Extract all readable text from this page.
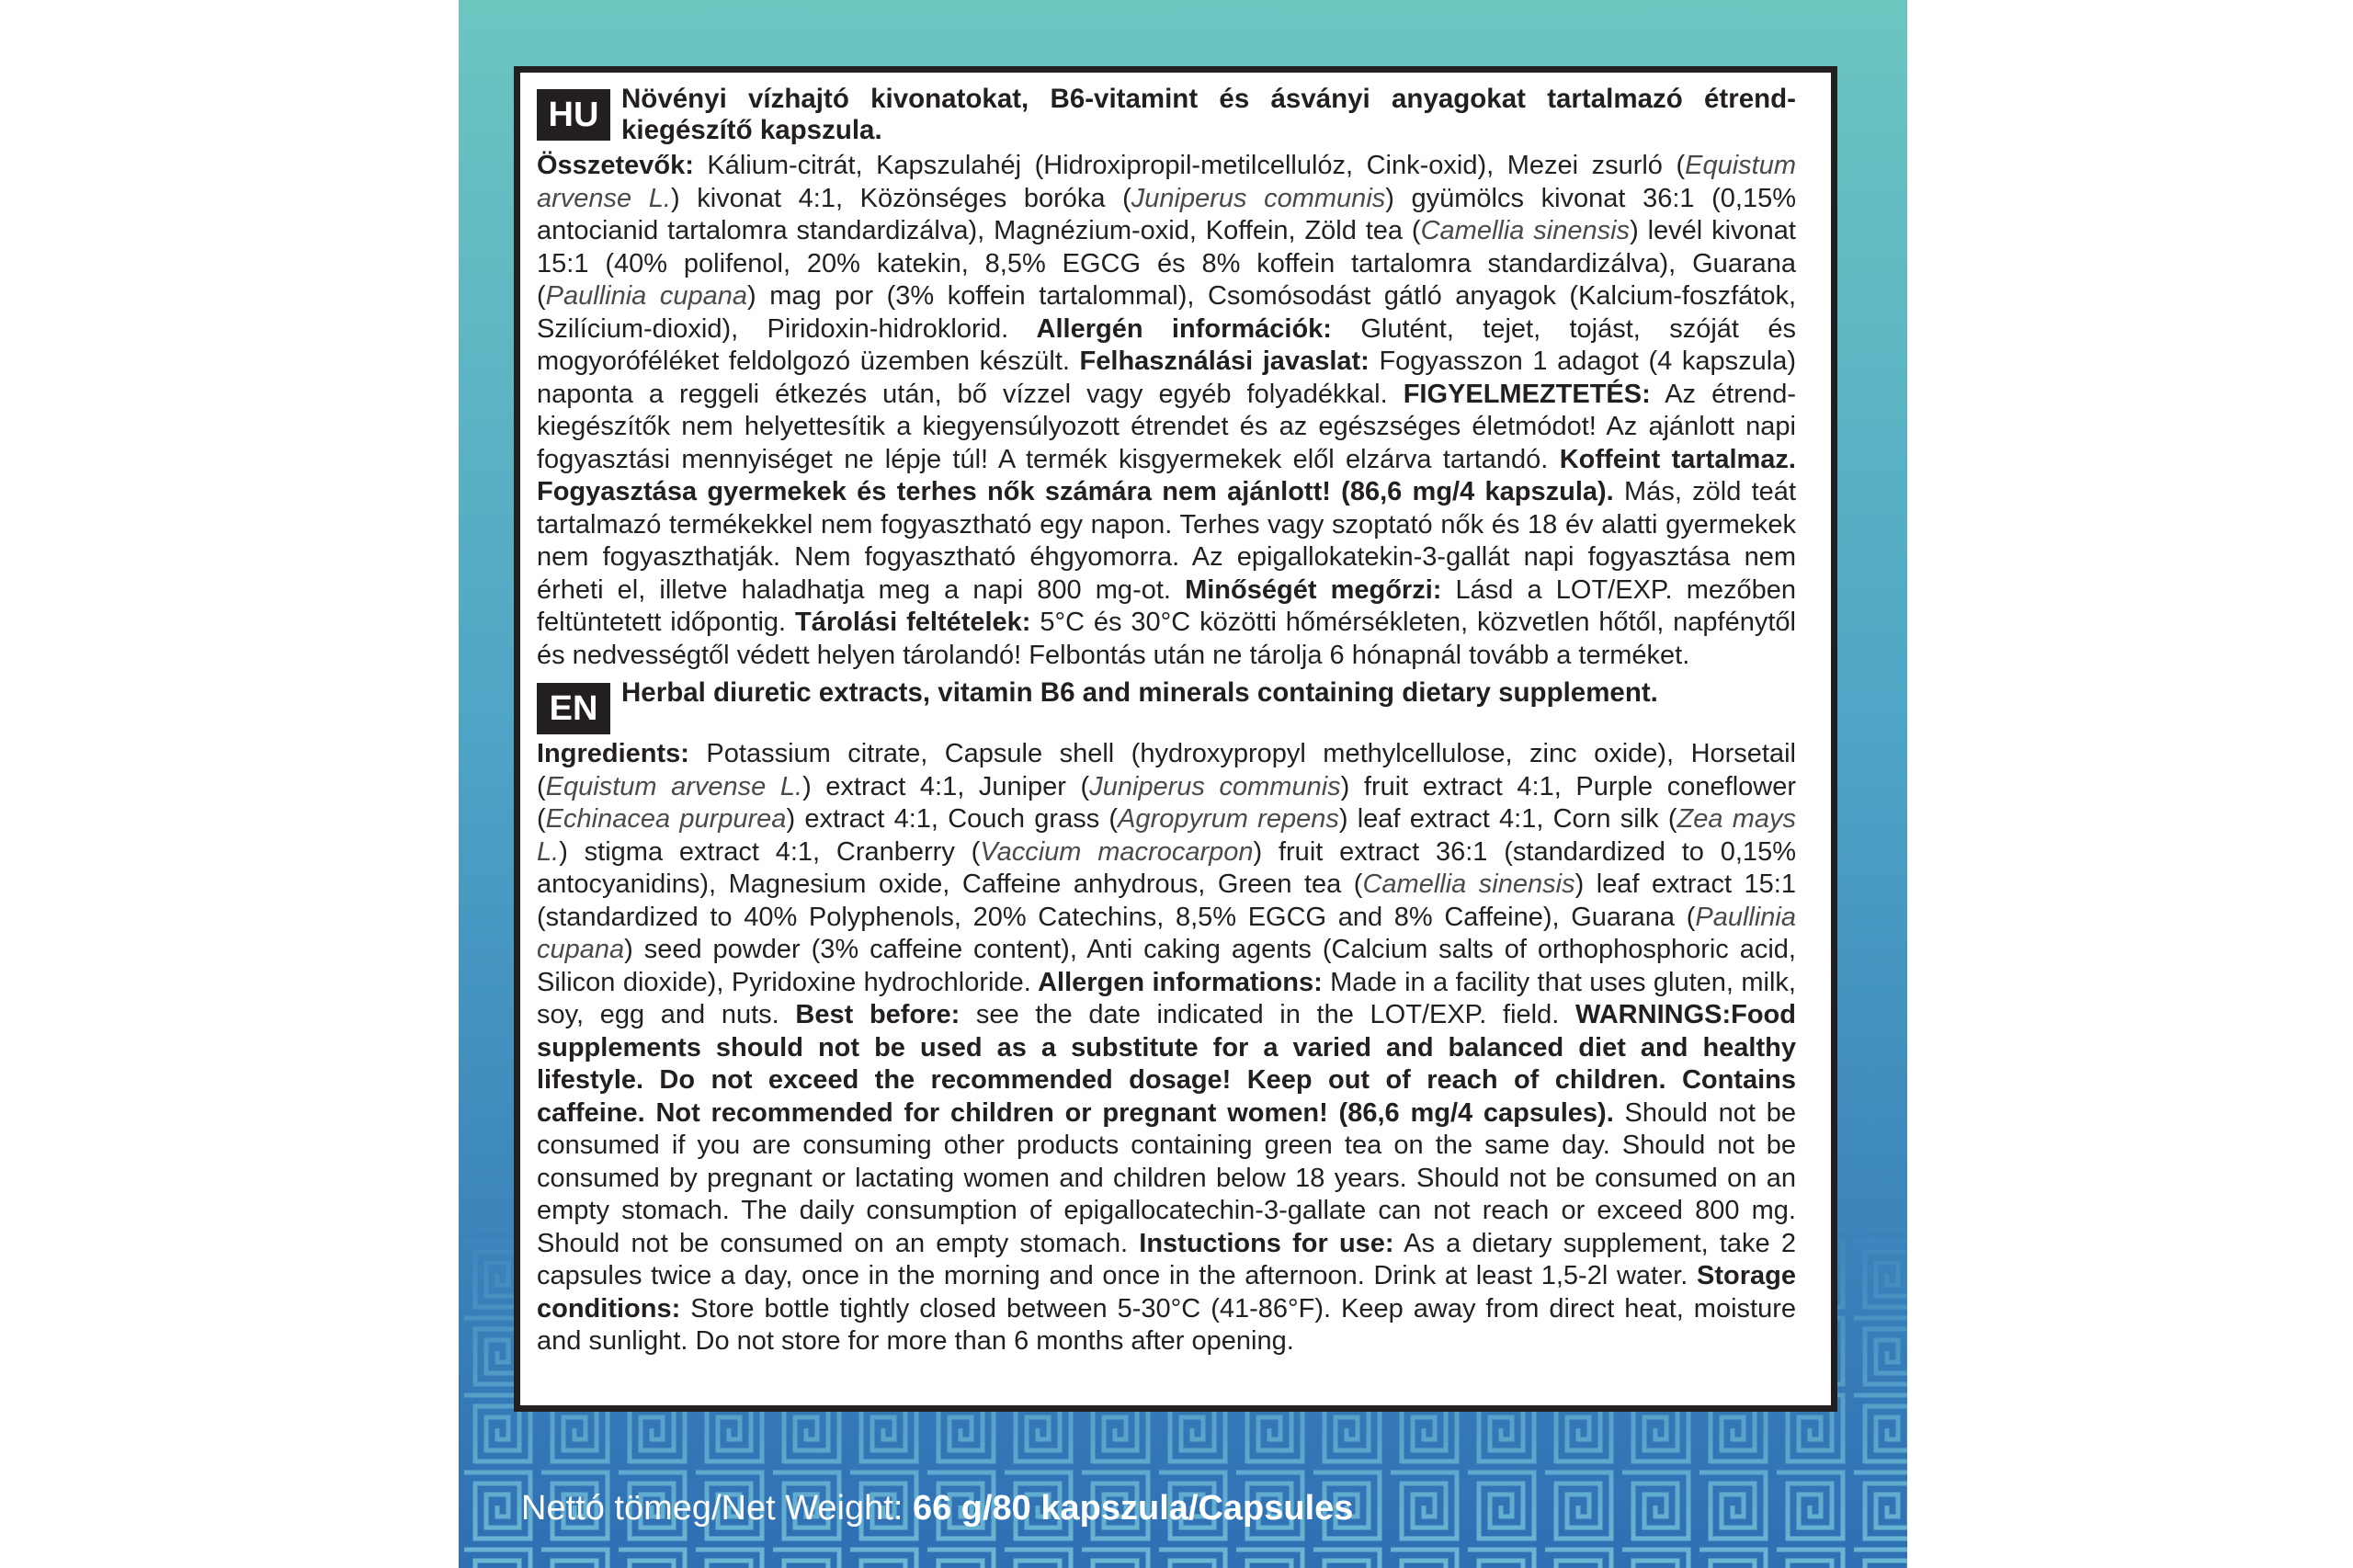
HU Növényi vízhajtó kivonatokat, B6-vitamint és ásványi anyagokat tartalmazó étrend-kiegészítő kapszula.

Összetevők: Kálium-citrát, Kapszulahéj (Hidroxipropil-metilcellulóz, Cink-oxid), Mezei zsurló (Equistum arvense L.) kivonat 4:1, Közönséges boróka (Juniperus communis) gyümölcs kivonat 36:1 (0,15% antocianid tartalomra standardizálva), Magnézium-oxid, Koffein, Zöld tea (Camellia sinensis) levél kivonat 15:1 (40% polifenol, 20% katekin, 8,5% EGCG és 8% koffein tartalomra standardizálva), Guarana (Paullinia cupana) mag por (3% koffein tartalommal), Csomósodást gátló anyagok (Kalcium-foszfátok, Szilícium-dioxid), Piridoxin-hidroklorid. Allergén információk: Glutént, tejet, tojást, szóját és mogyoróféléket feldolgozó üzemben készült. Felhasználási javaslat: Fogyasszon 1 adagot (4 kapszula) naponta a reggeli étkezés után, bő vízzel vagy egyéb folyadékkal. FIGYELMEZTETÉS: Az étrend-kiegészítők nem helyettesítik a kiegyensúlyozott étrendet és az egészséges életmódot! Az ajánlott napi fogyasztási mennyiséget ne lépje túl! A termék kisgyermekek elől elzárva tartandó. Koffeint tartalmaz. Fogyasztása gyermekek és terhes nők számára nem ajánlott! (86,6 mg/4 kapszula). Más, zöld teát tartalmazó termékekkel nem fogyasztható egy napon. Terhes vagy szoptató nők és 18 év alatti gyermekek nem fogyaszthatják. Nem fogyasztható éhgyomorra. Az epigallokatekin-3-gallát napi fogyasztása nem érheti el, illetve haladhatja meg a napi 800 mg-ot. Minőségét megőrzi: Lásd a LOT/EXP. mezőben feltüntetett időpontig. Tárolási feltételek: 5°C és 30°C közötti hőmérsékleten, közvetlen hőtől, napfénytől és nedvességtől védett helyen tárolandó! Felbontás után ne tárolja 6 hónapnál tovább a terméket.

EN Herbal diuretic extracts, vitamin B6 and minerals containing dietary supplement.

Ingredients: Potassium citrate, Capsule shell (hydroxypropyl methylcellulose, zinc oxide), Horsetail (Equistum arvense L.) extract 4:1, Juniper (Juniperus communis) fruit extract 4:1, Purple coneflower (Echinacea purpurea) extract 4:1, Couch grass (Agropyrum repens) leaf extract 4:1, Corn silk (Zea mays L.) stigma extract 4:1, Cranberry (Vaccium macrocarpon) fruit extract 36:1 (standardized to 0,15% antocyanidins), Magnesium oxide, Caffeine anhydrous, Green tea (Camellia sinensis) leaf extract 15:1 (standardized to 40% Polyphenols, 20% Catechins, 8,5% EGCG and 8% Caffeine), Guarana (Paullinia cupana) seed powder (3% caffeine content), Anti caking agents (Calcium salts of orthophosphoric acid, Silicon dioxide), Pyridoxine hydrochloride. Allergen informations: Made in a facility that uses gluten, milk, soy, egg and nuts. Best before: see the date indicated in the LOT/EXP. field. WARNINGS:Food supplements should not be used as a substitute for a varied and balanced diet and healthy lifestyle. Do not exceed the recommended dosage! Keep out of reach of children. Contains caffeine. Not recommended for children or pregnant women! (86,6 mg/4 capsules). Should not be consumed if you are consuming other products containing green tea on the same day. Should not be consumed by pregnant or lactating women and children below 18 years. Should not be consumed on an empty stomach. The daily consumption of epigallocatechin-3-gallate can not reach or exceed 800 mg. Should not be consumed on an empty stomach. Instuctions for use: As a dietary supplement, take 2 capsules twice a day, once in the morning and once in the afternoon. Drink at least 1,5-2l water. Storage conditions: Store bottle tightly closed between 5-30°C (41-86°F). Keep away from direct heat, moisture and sunlight. Do not store for more than 6 months after opening.

Nettó tömeg/Net Weight: 66 g/80 kapszula/Capsules
